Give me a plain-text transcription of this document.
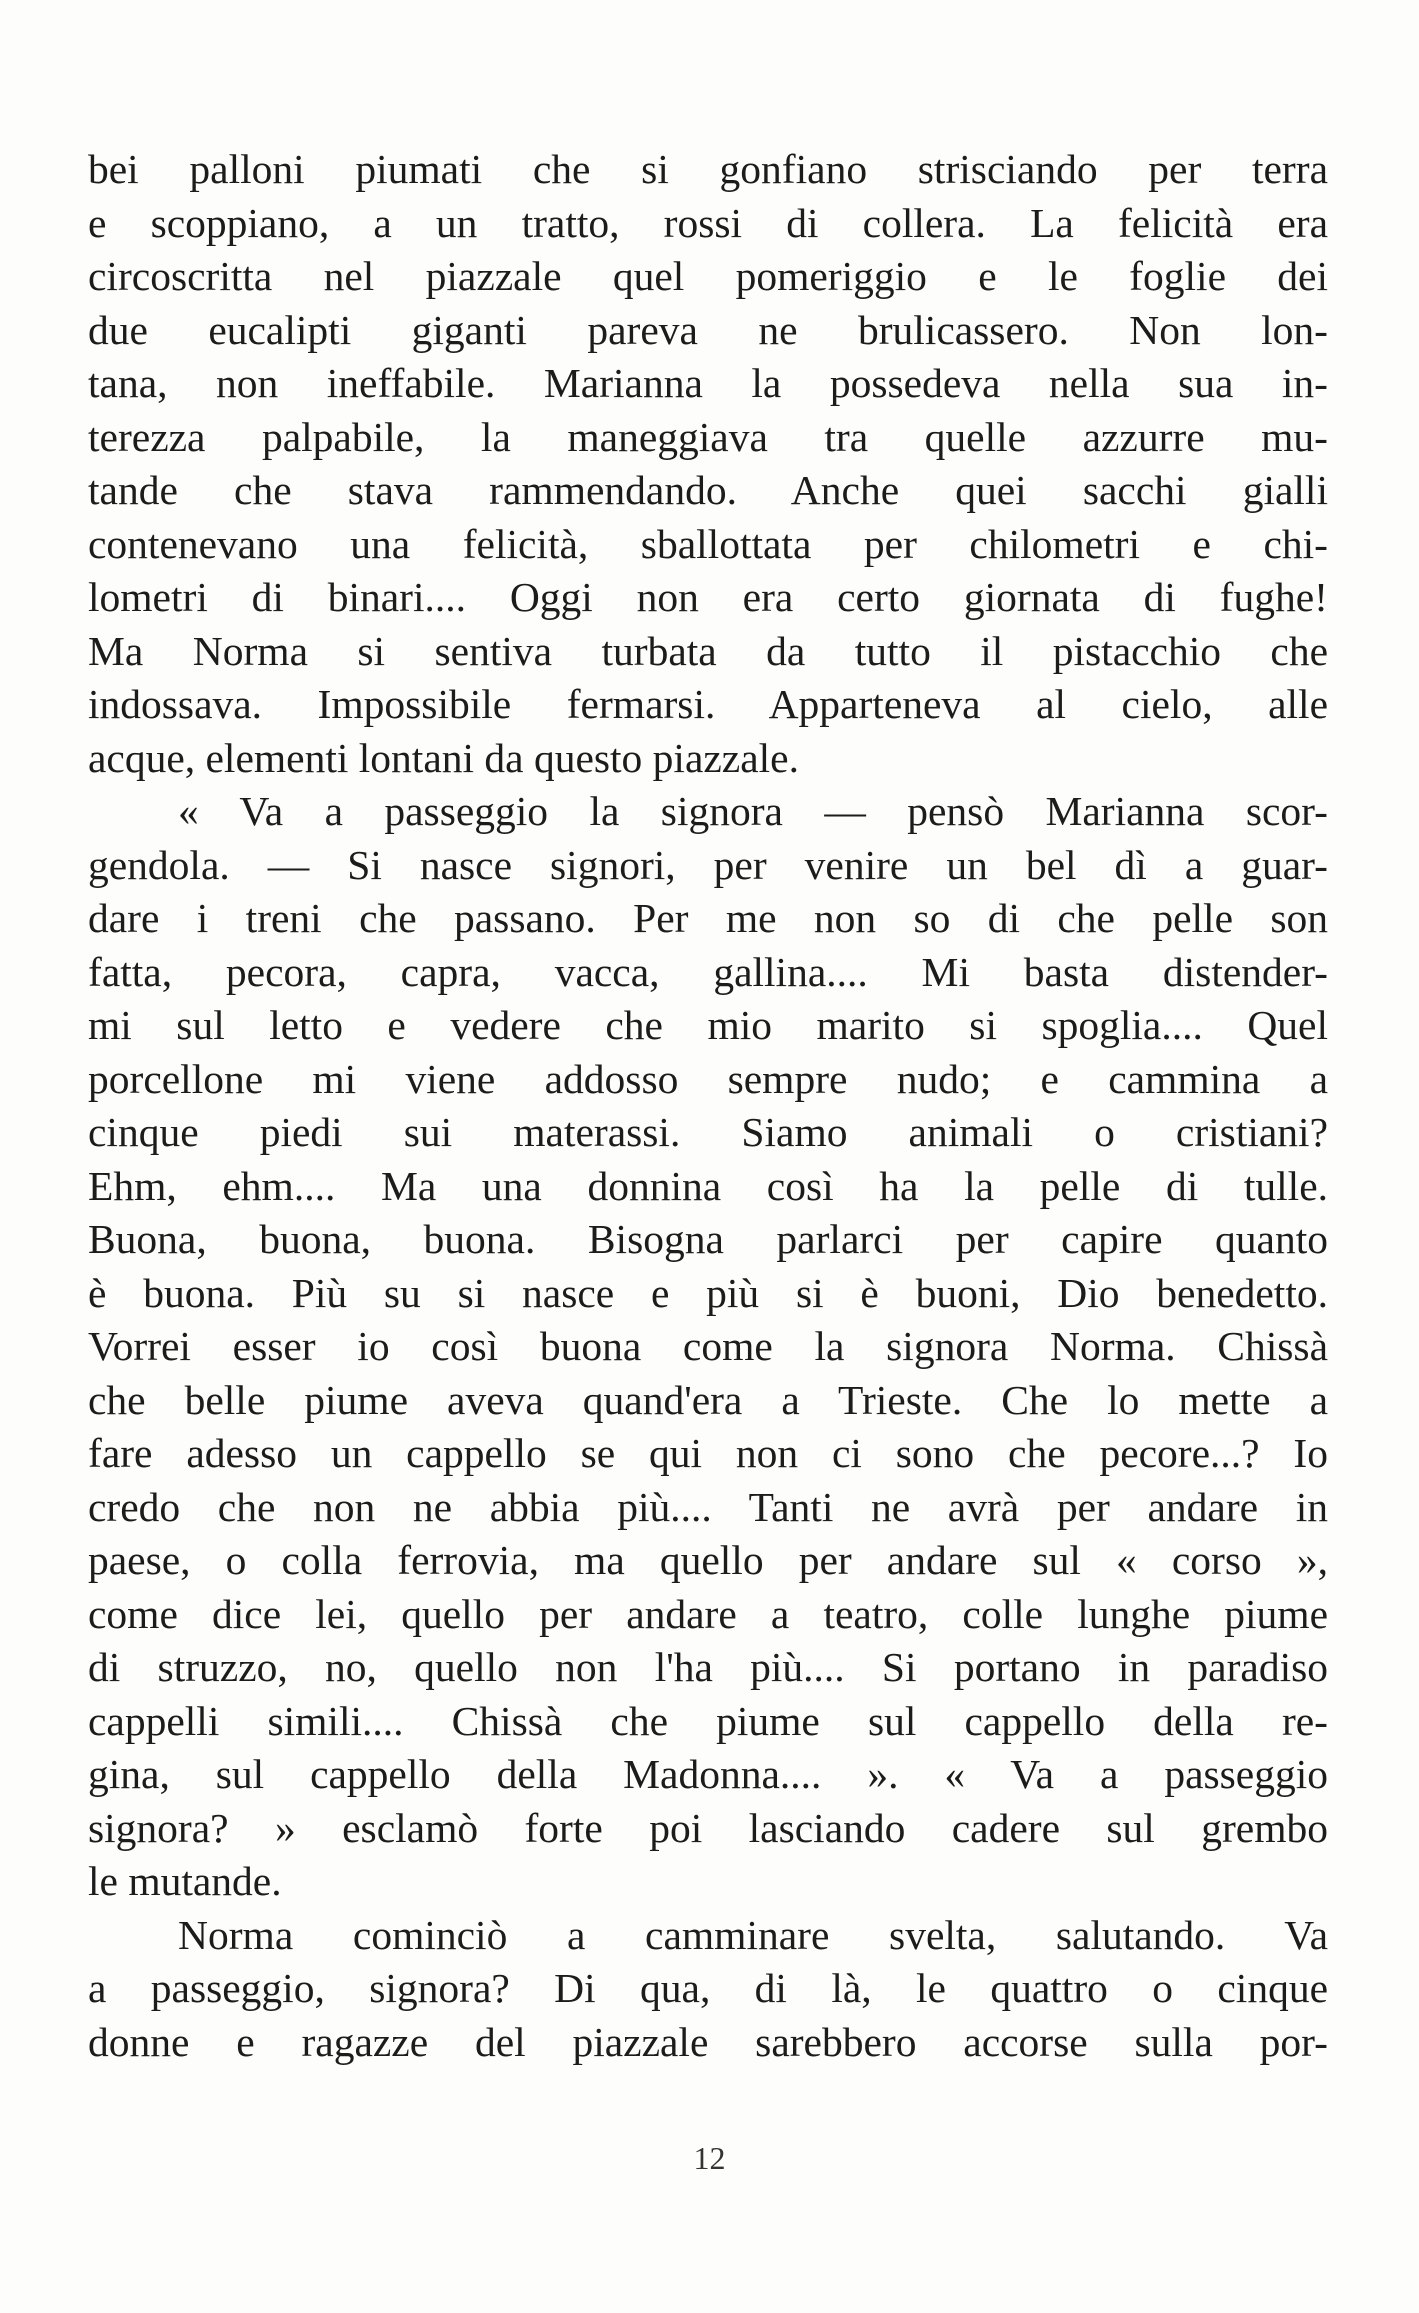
bei palloni piumati che si gonfiano strisciando per terra
e scoppiano, a un tratto, rossi di collera. La felicità era
circoscritta nel piazzale quel pomeriggio e le foglie dei
due eucalipti giganti pareva ne brulicassero. Non lon-
tana, non ineffabile. Marianna la possedeva nella sua in-
terezza palpabile, la maneggiava tra quelle azzurre mu-
tande che stava rammendando. Anche quei sacchi gialli
contenevano una felicità, sballottata per chilometri e chi-
lometri di binari.... Oggi non era certo giornata di fughe!
Ma Norma si sentiva turbata da tutto il pistacchio che
indossava. Impossibile fermarsi. Apparteneva al cielo, alle
acque, elementi lontani da questo piazzale.
« Va a passeggio la signora — pensò Marianna scor-
gendola. — Si nasce signori, per venire un bel dì a guar-
dare i treni che passano. Per me non so di che pelle son
fatta, pecora, capra, vacca, gallina.... Mi basta distender-
mi sul letto e vedere che mio marito si spoglia.... Quel
porcellone mi viene addosso sempre nudo; e cammina a
cinque piedi sui materassi. Siamo animali o cristiani?
Ehm, ehm.... Ma una donnina così ha la pelle di tulle.
Buona, buona, buona. Bisogna parlarci per capire quanto
è buona. Più su si nasce e più si è buoni, Dio benedetto.
Vorrei esser io così buona come la signora Norma. Chissà
che belle piume aveva quand'era a Trieste. Che lo mette a
fare adesso un cappello se qui non ci sono che pecore...? Io
credo che non ne abbia più.... Tanti ne avrà per andare in
paese, o colla ferrovia, ma quello per andare sul « corso »,
come dice lei, quello per andare a teatro, colle lunghe piume
di struzzo, no, quello non l'ha più.... Si portano in paradiso
cappelli simili.... Chissà che piume sul cappello della re-
gina, sul cappello della Madonna.... ». « Va a passeggio
signora? » esclamò forte poi lasciando cadere sul grembo
le mutande.
Norma cominciò a camminare svelta, salutando. Va
a passeggio, signora? Di qua, di là, le quattro o cinque
donne e ragazze del piazzale sarebbero accorse sulla por-
12
